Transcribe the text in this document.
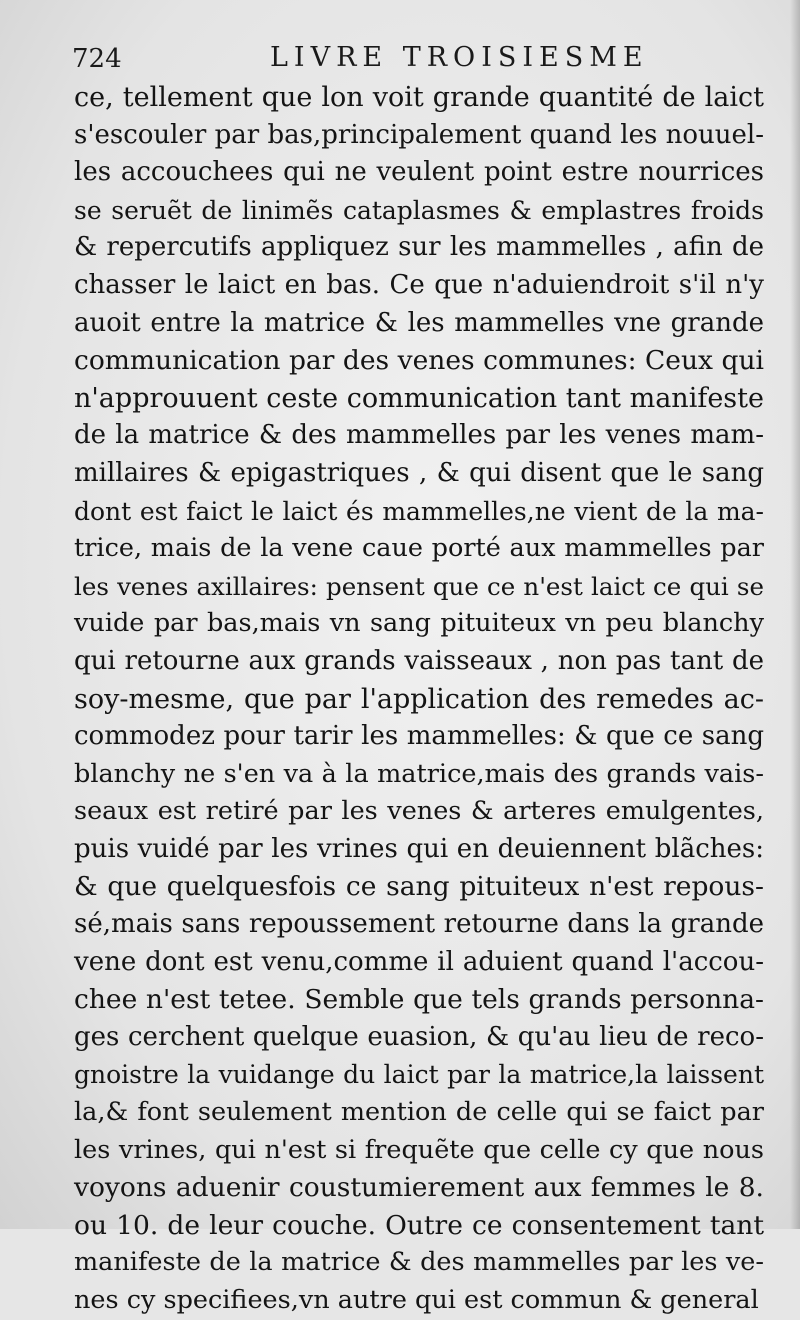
724	LIVRE TROISIESME
ce, tellement que lon voit grande quantité de laict
s'escouler par bas,principalement quand les nouuel-
les accouchees qui ne veulent point estre nourrices
se seruẽt de linimẽs cataplasmes & emplastres froids
& repercutifs appliquez sur les mammelles , afin de
chasser le laict en bas. Ce que n'aduiendroit s'il n'y
auoit entre la matrice & les mammelles vne grande
communication par des venes communes: Ceux qui
n'approuuent ceste communication tant manifeste
de la matrice & des mammelles par les venes mam-
millaires & epigastriques , & qui disent que le sang
dont est faict le laict és mammelles,ne vient de la ma-
trice, mais de la vene caue porté aux mammelles par
les venes axillaires: pensent que ce n'est laict ce qui se
vuide par bas,mais vn sang pituiteux vn peu blanchy
qui retourne aux grands vaisseaux , non pas tant de
soy-mesme, que par l'application des remedes ac-
commodez pour tarir les mammelles: & que ce sang
blanchy ne s'en va à la matrice,mais des grands vais-
seaux est retiré par les venes & arteres emulgentes,
puis vuidé par les vrines qui en deuiennent blãches:
& que quelquesfois ce sang pituiteux n'est repous-
sé,mais sans repoussement retourne dans la grande
vene dont est venu,comme il aduient quand l'accou-
chee n'est tetee. Semble que tels grands personna-
ges cerchent quelque euasion, & qu'au lieu de reco-
gnoistre la vuidange du laict par la matrice,la laissent
la,& font seulement mention de celle qui se faict par
les vrines, qui n'est si frequẽte que celle cy que nous
voyons aduenir coustumierement aux femmes le 8.
ou 10. de leur couche. Outre ce consentement tant
manifeste de la matrice & des mammelles par les ve-
nes cy specifiees,vn autre qui est commun & general
